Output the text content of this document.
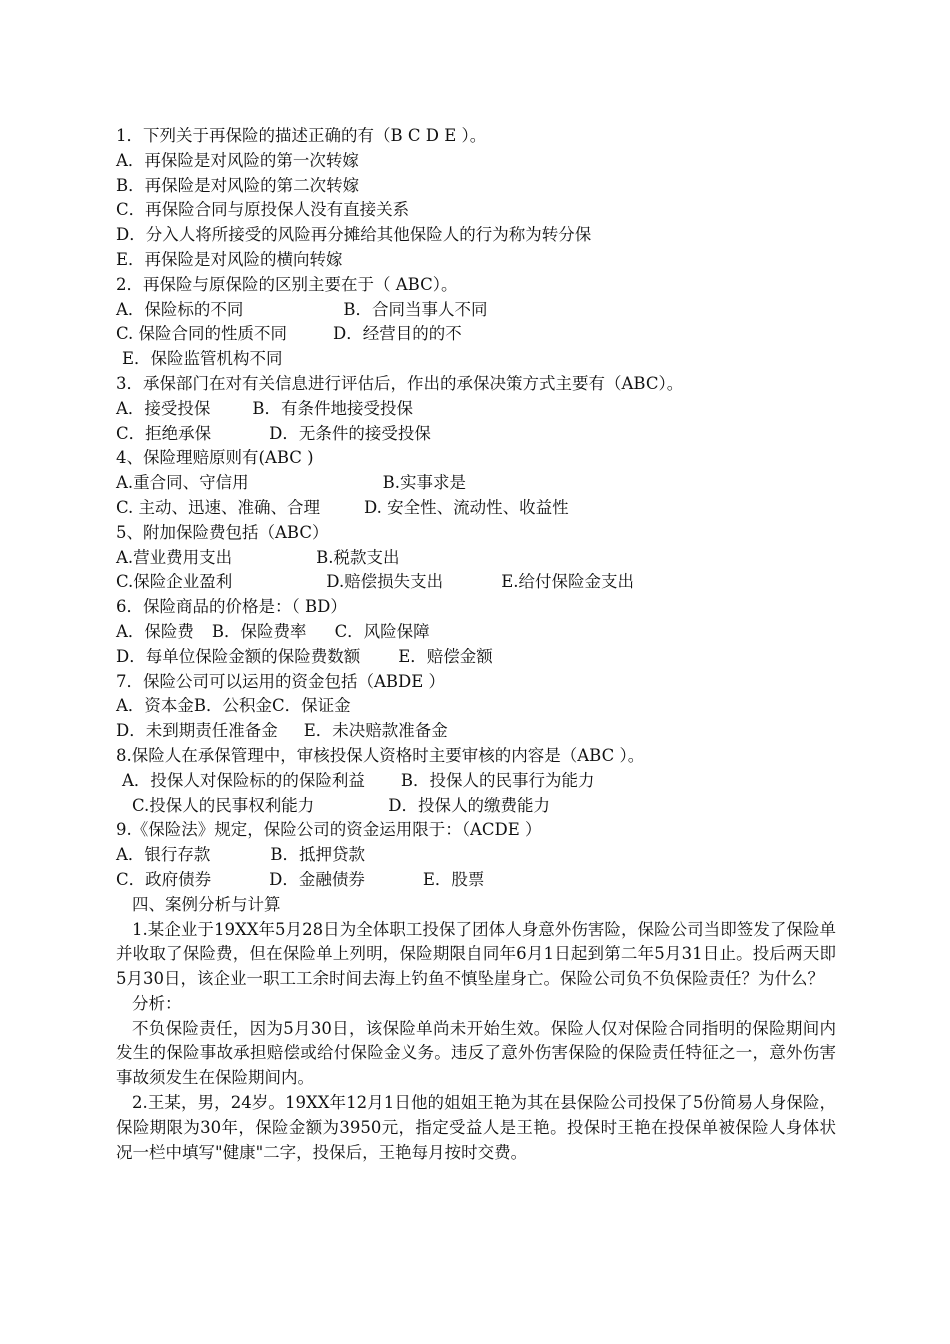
1．下列关于再保险的描述正确的有（B C D E ）。
A．再保险是对风险的第一次转嫁
B．再保险是对风险的第二次转嫁
C．再保险合同与原投保人没有直接关系
D．分入人将所接受的风险再分摊给其他保险人的行为称为转分保
E．再保险是对风险的横向转嫁
2．再保险与原保险的区别主要在于（ ABC）。
A．保险标的不同	B．合同当事人不同
C. 保险合同的性质不同	D．经营目的的不
E．保险监管机构不同
3．承保部门在对有关信息进行评估后，作出的承保决策方式主要有（ABC）。
A．接受投保	B．有条件地接受投保
C．拒绝承保	D．无条件的接受投保
4、保险理赔原则有(ABC )
A.重合同、守信用	B.实事求是
C. 主动、迅速、准确、合理	D. 安全性、流动性、收益性
5、附加保险费包括（ABC）
A.营业费用支出	B.税款支出
C.保险企业盈利	D.赔偿损失支出	E.给付保险金支出
6．保险商品的价格是：（ BD）
A．保险费 B．保险费率 C．风险保障
D．每单位保险金额的保险费数额 E．赔偿金额
7．保险公司可以运用的资金包括（ABDE ）
A．资本金B．公积金C．保证金
D．未到期责任准备金 E．未决赔款准备金
8.保险人在承保管理中，审核投保人资格时主要审核的内容是（ABC ）。
A．投保人对保险标的的保险利益 B．投保人的民事行为能力
C.投保人的民事权利能力	D．投保人的缴费能力
9.《保险法》规定，保险公司的资金运用限于：（ACDE ）
A．银行存款	B．抵押贷款
C．政府债券	D．金融债券	E．股票
四、案例分析与计算
1.某企业于19XX年5月28日为全体职工投保了团体人身意外伤害险，保险公司当即签发了保险单并收取了保险费，但在保险单上列明，保险期限自同年6月1日起到第二年5月31日止。投后两天即5月30日，该企业一职工工余时间去海上钓鱼不慎坠崖身亡。保险公司负不负保险责任？为什么？
分析：
不负保险责任，因为5月30日，该保险单尚未开始生效。保险人仅对保险合同指明的保险期间内发生的保险事故承担赔偿或给付保险金义务。违反了意外伤害保险的保险责任特征之一，意外伤害事故须发生在保险期间内。
2.王某，男，24岁。19XX年12月1日他的姐姐王艳为其在县保险公司投保了5份简易人身保险，保险期限为30年，保险金额为3950元，指定受益人是王艳。投保时王艳在投保单被保险人身体状况一栏中填写"健康"二字，投保后，王艳每月按时交费。
